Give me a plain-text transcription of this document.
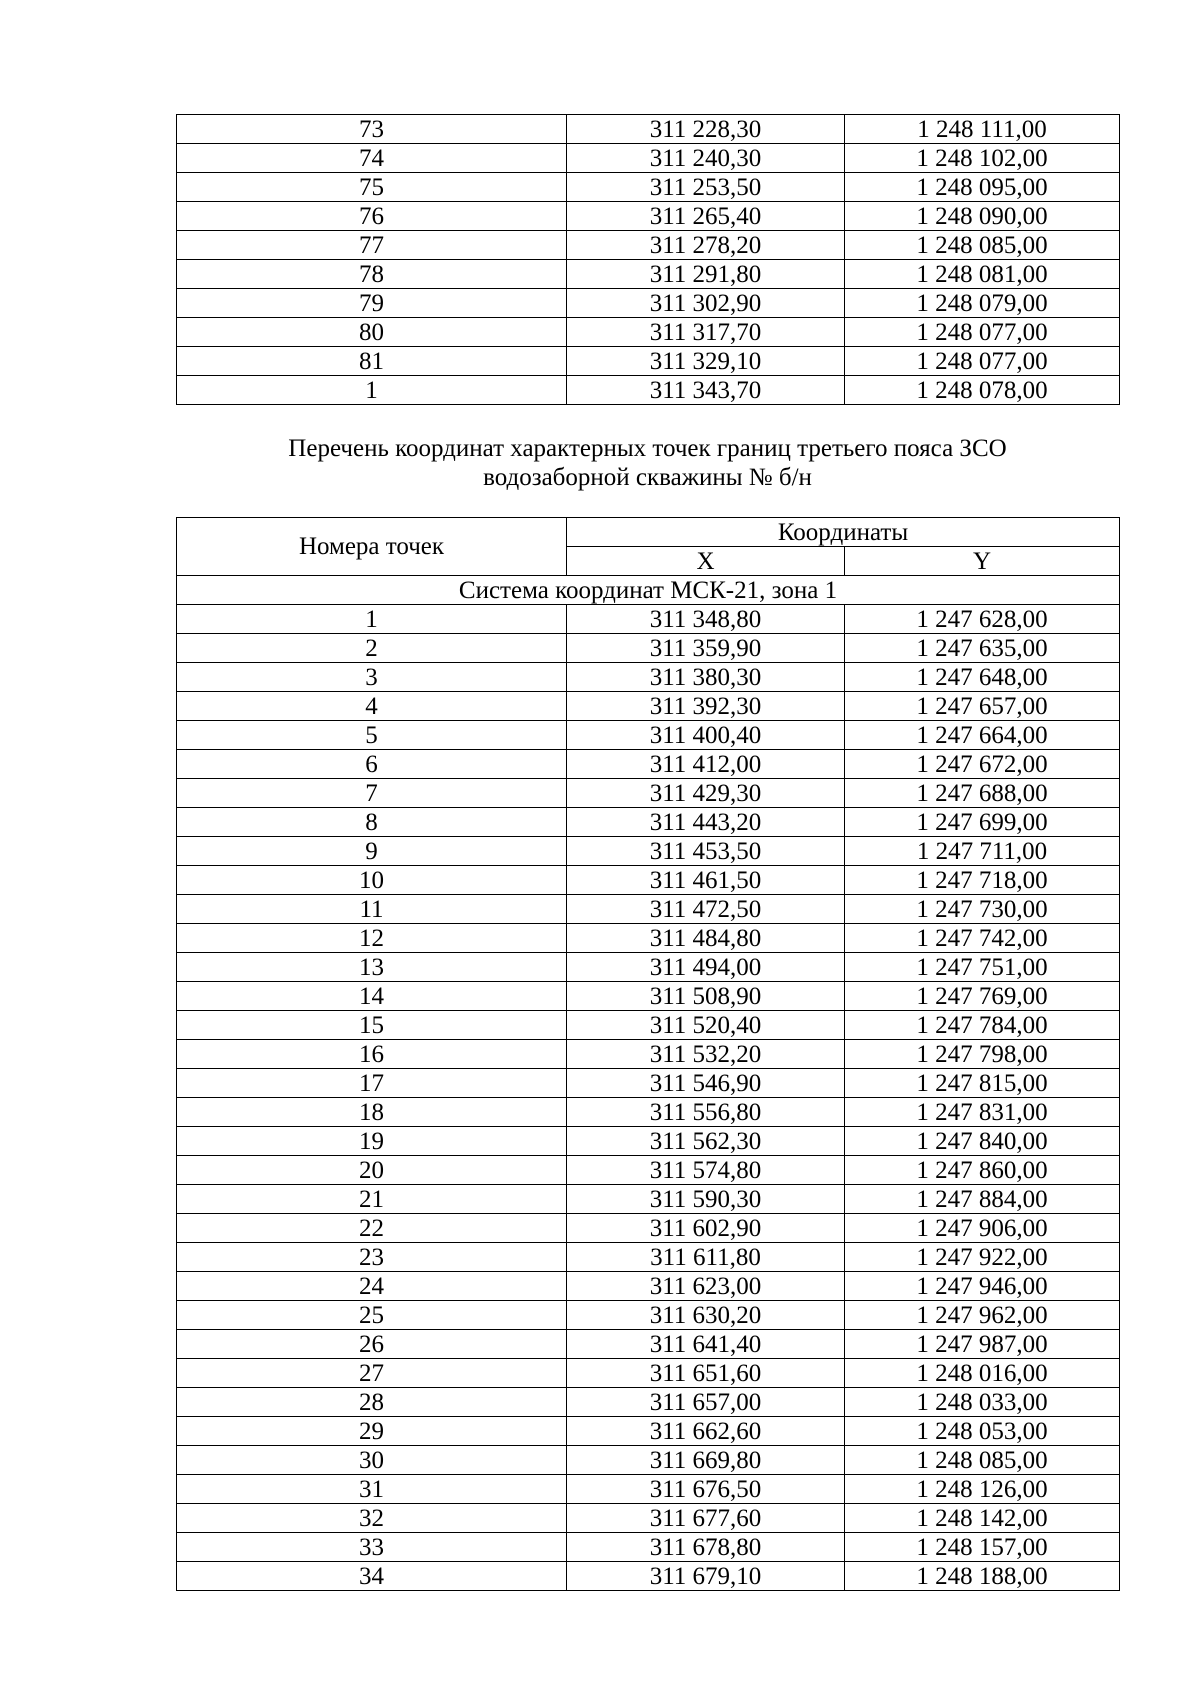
73	311 228,30	1 248 111,00
74	311 240,30	1 248 102,00
75	311 253,50	1 248 095,00
76	311 265,40	1 248 090,00
77	311 278,20	1 248 085,00
78	311 291,80	1 248 081,00
79	311 302,90	1 248 079,00
80	311 317,70	1 248 077,00
81	311 329,10	1 248 077,00
1	311 343,70	1 248 078,00
Перечень координат характерных точек границ третьего пояса ЗСО
водозаборной скважины № б/н
Номера точек	Координаты	
	X	Y
Система координат МСК-21, зона 1		
1	311 348,80	1 247 628,00
2	311 359,90	1 247 635,00
3	311 380,30	1 247 648,00
4	311 392,30	1 247 657,00
5	311 400,40	1 247 664,00
6	311 412,00	1 247 672,00
7	311 429,30	1 247 688,00
8	311 443,20	1 247 699,00
9	311 453,50	1 247 711,00
10	311 461,50	1 247 718,00
11	311 472,50	1 247 730,00
12	311 484,80	1 247 742,00
13	311 494,00	1 247 751,00
14	311 508,90	1 247 769,00
15	311 520,40	1 247 784,00
16	311 532,20	1 247 798,00
17	311 546,90	1 247 815,00
18	311 556,80	1 247 831,00
19	311 562,30	1 247 840,00
20	311 574,80	1 247 860,00
21	311 590,30	1 247 884,00
22	311 602,90	1 247 906,00
23	311 611,80	1 247 922,00
24	311 623,00	1 247 946,00
25	311 630,20	1 247 962,00
26	311 641,40	1 247 987,00
27	311 651,60	1 248 016,00
28	311 657,00	1 248 033,00
29	311 662,60	1 248 053,00
30	311 669,80	1 248 085,00
31	311 676,50	1 248 126,00
32	311 677,60	1 248 142,00
33	311 678,80	1 248 157,00
34	311 679,10	1 248 188,00
